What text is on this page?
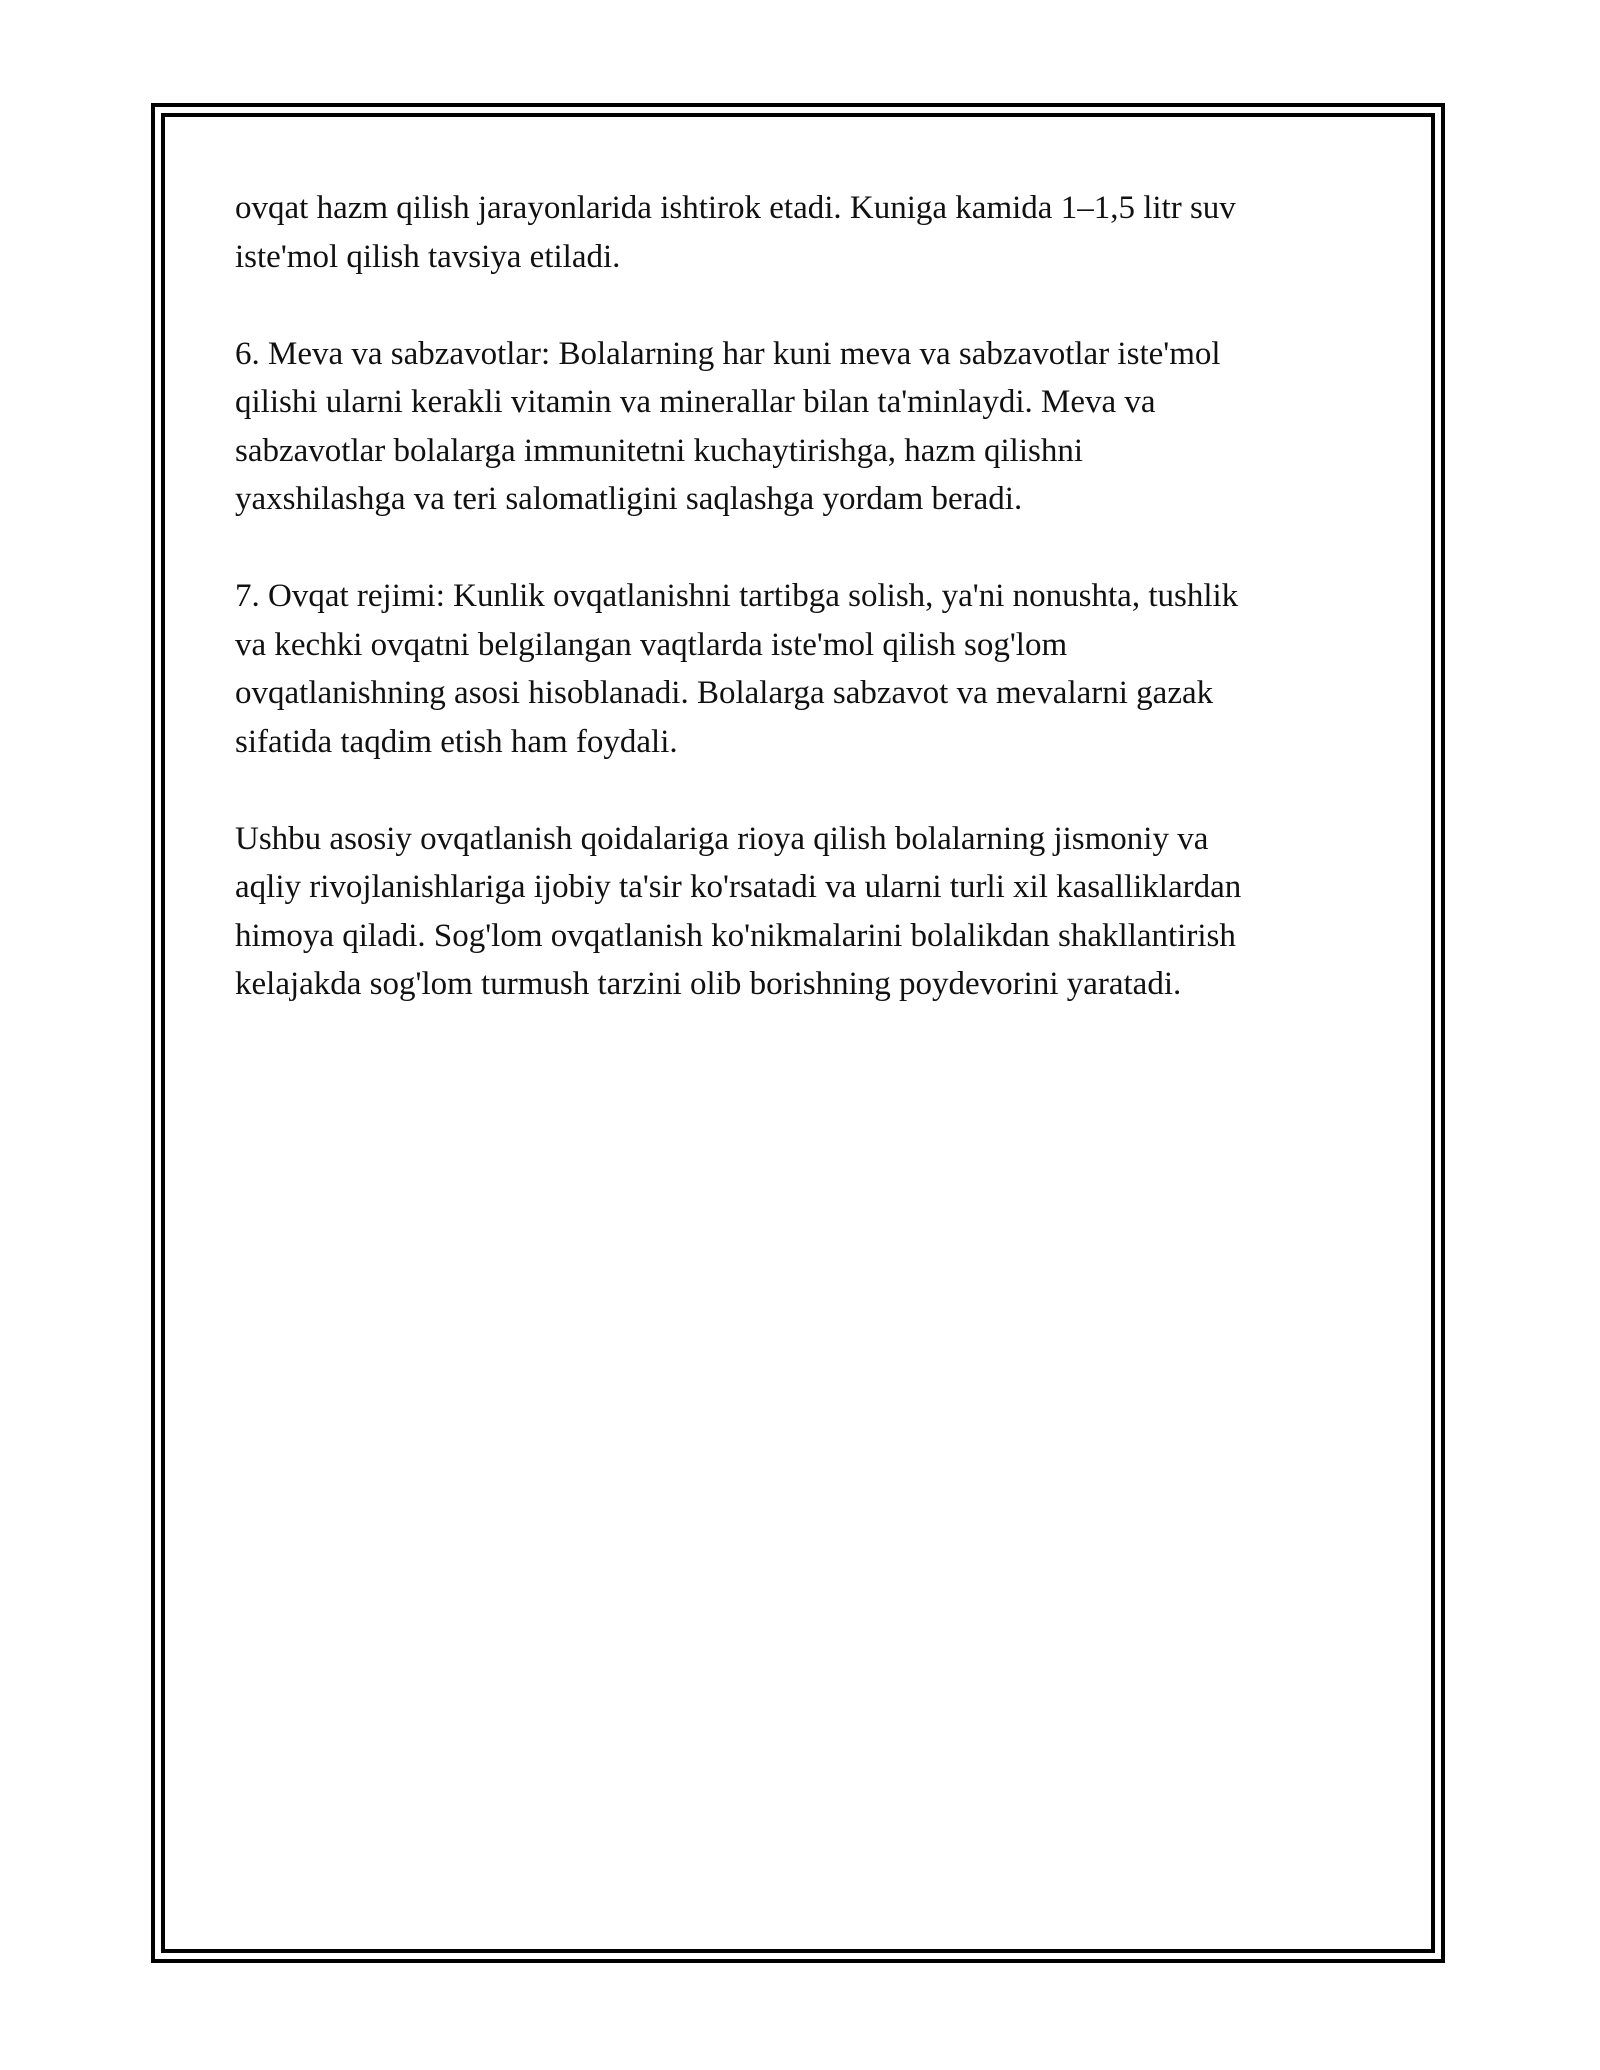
ovqat hazm qilish jarayonlarida ishtirok etadi. Kuniga kamida 1–1,5 litr suv
iste'mol qilish tavsiya etiladi.

6. Meva va sabzavotlar: Bolalarning har kuni meva va sabzavotlar iste'mol
qilishi ularni kerakli vitamin va minerallar bilan ta'minlaydi. Meva va
sabzavotlar bolalarga immunitetni kuchaytirishga, hazm qilishni
yaxshilashga va teri salomatligini saqlashga yordam beradi.

7. Ovqat rejimi: Kunlik ovqatlanishni tartibga solish, ya'ni nonushta, tushlik
va kechki ovqatni belgilangan vaqtlarda iste'mol qilish sog'lom
ovqatlanishning asosi hisoblanadi. Bolalarga sabzavot va mevalarni gazak
sifatida taqdim etish ham foydali.

Ushbu asosiy ovqatlanish qoidalariga rioya qilish bolalarning jismoniy va
aqliy rivojlanishlariga ijobiy ta'sir ko'rsatadi va ularni turli xil kasalliklardan
himoya qiladi. Sog'lom ovqatlanish ko'nikmalarini bolalikdan shakllantirish
kelajakda sog'lom turmush tarzini olib borishning poydevorini yaratadi.
